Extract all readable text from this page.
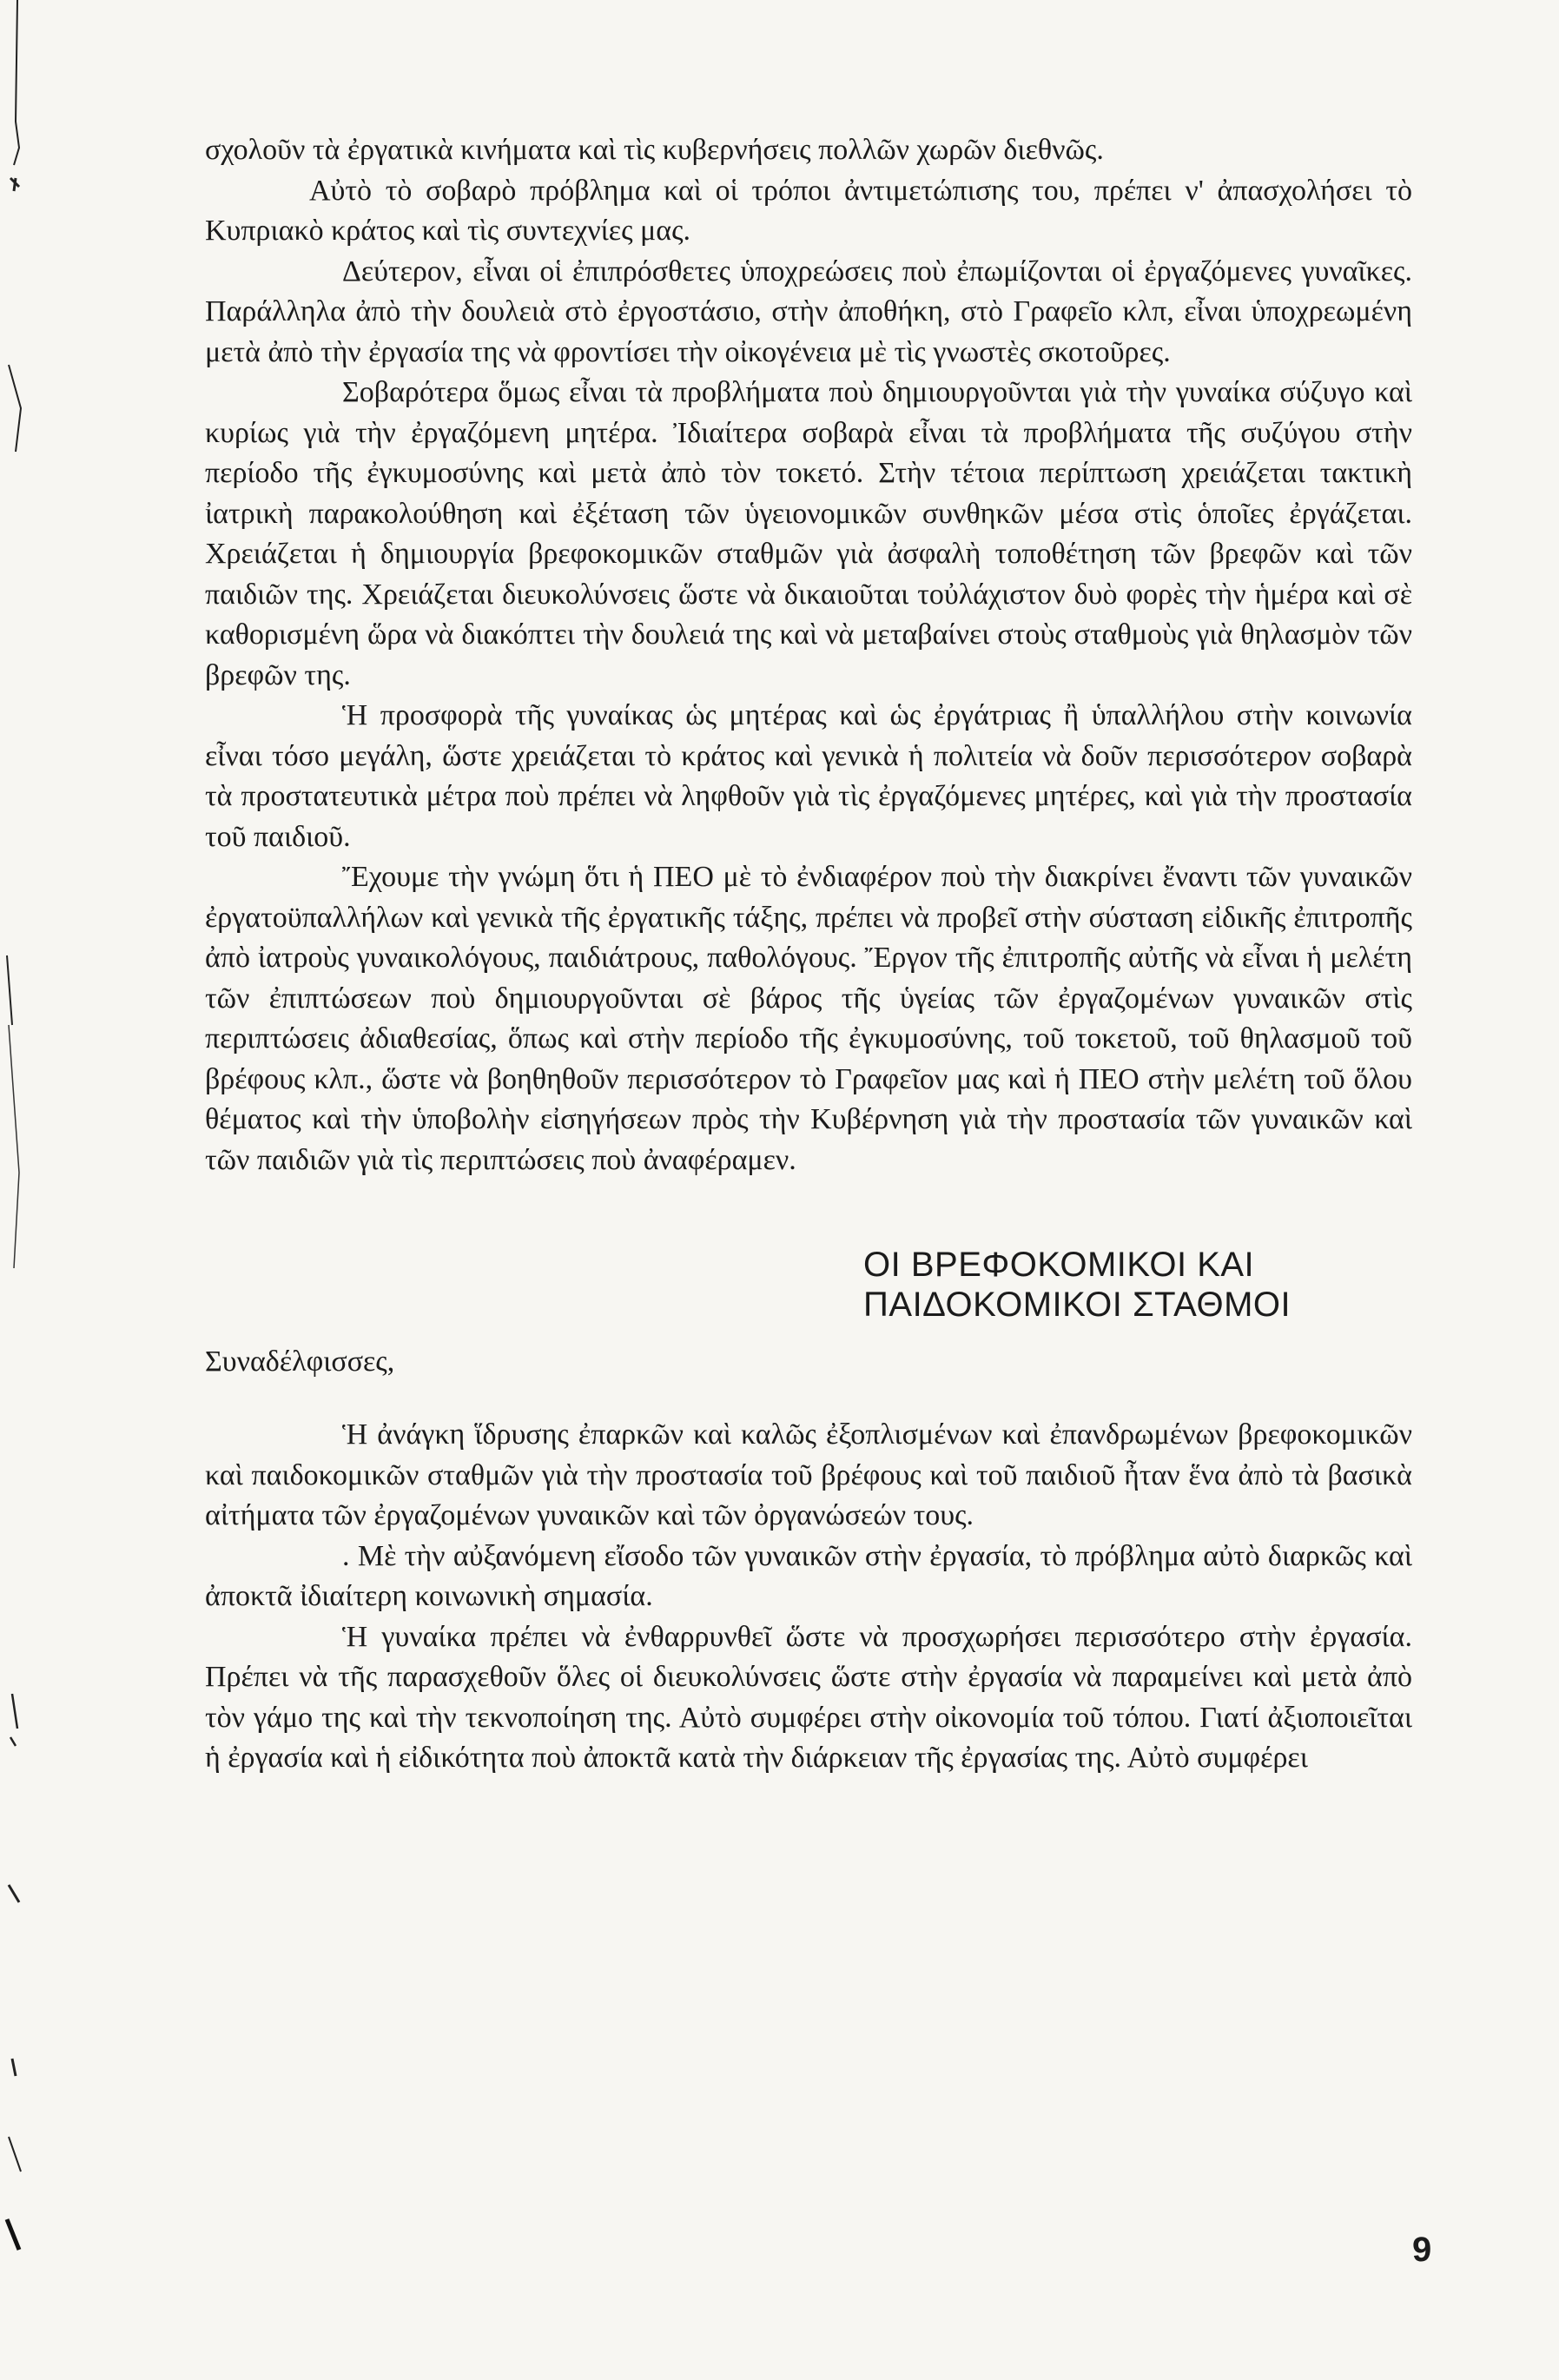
σχολοῦν τὰ ἐργατικὰ κινήματα καὶ τὶς κυβερνήσεις πολλῶν χωρῶν διεθνῶς.

Αὐτὸ τὸ σοβαρὸ πρόβλημα καὶ οἱ τρόποι ἀντιμετώπισης του, πρέπει ν' ἀπασχολήσει τὸ Κυπριακὸ κράτος καὶ τὶς συντεχνίες μας.

Δεύτερον, εἶναι οἱ ἐπιπρόσθετες ὑποχρεώσεις ποὺ ἐπωμίζονται οἱ ἐργαζόμενες γυναῖκες. Παράλληλα ἀπὸ τὴν δουλειὰ στὸ ἐργοστάσιο, στὴν ἀποθήκη, στὸ Γραφεῖο κλπ, εἶναι ὑποχρεωμένη μετὰ ἀπὸ τὴν ἐργασία της νὰ φροντίσει τὴν οἰκογένεια μὲ τὶς γνωστὲς σκοτοῦρες.

Σοβαρότερα ὅμως εἶναι τὰ προβλήματα ποὺ δημιουργοῦνται γιὰ τὴν γυναίκα σύζυγο καὶ κυρίως γιὰ τὴν ἐργαζόμενη μητέρα. Ἰδιαίτερα σοβαρὰ εἶναι τὰ προβλήματα τῆς συζύγου στὴν περίοδο τῆς ἐγκυμοσύνης καὶ μετὰ ἀπὸ τὸν τοκετό. Στὴν τέτοια περίπτωση χρειάζεται τακτικὴ ἰατρικὴ παρακολούθηση καὶ ἐξέταση τῶν ὑγειονομικῶν συνθηκῶν μέσα στὶς ὁποῖες ἐργάζεται. Χρειάζεται ἡ δημιουργία βρεφοκομικῶν σταθμῶν γιὰ ἀσφαλὴ τοποθέτηση τῶν βρεφῶν καὶ τῶν παιδιῶν της. Χρειάζεται διευκολύνσεις ὥστε νὰ δικαιοῦται τοὐλάχιστον δυὸ φορὲς τὴν ἡμέρα καὶ σὲ καθορισμένη ὥρα νὰ διακόπτει τὴν δουλειά της καὶ νὰ μεταβαίνει στοὺς σταθμοὺς γιὰ θηλασμὸν τῶν βρεφῶν της.

Ἡ προσφορὰ τῆς γυναίκας ὡς μητέρας καὶ ὡς ἐργάτριας ἢ ὑπαλλήλου στὴν κοινωνία εἶναι τόσο μεγάλη, ὥστε χρειάζεται τὸ κράτος καὶ γενικὰ ἡ πολιτεία νὰ δοῦν περισσότερον σοβαρὰ τὰ προστατευτικὰ μέτρα ποὺ πρέπει νὰ ληφθοῦν γιὰ τὶς ἐργαζόμενες μητέρες, καὶ γιὰ τὴν προστασία τοῦ παιδιοῦ.

Ἔχουμε τὴν γνώμη ὅτι ἡ ΠΕΟ μὲ τὸ ἐνδιαφέρον ποὺ τὴν διακρίνει ἔναντι τῶν γυναικῶν ἐργατοϋπαλλήλων καὶ γενικὰ τῆς ἐργατικῆς τάξης, πρέπει νὰ προβεῖ στὴν σύσταση εἰδικῆς ἐπιτροπῆς ἀπὸ ἰατροὺς γυναικολόγους, παιδιάτρους, παθολόγους. Ἔργον τῆς ἐπιτροπῆς αὐτῆς νὰ εἶναι ἡ μελέτη τῶν ἐπιπτώσεων ποὺ δημιουργοῦνται σὲ βάρος τῆς ὑγείας τῶν ἐργαζομένων γυναικῶν στὶς περιπτώσεις ἀδιαθεσίας, ὅπως καὶ στὴν περίοδο τῆς ἐγκυμοσύνης, τοῦ τοκετοῦ, τοῦ θηλασμοῦ τοῦ βρέφους κλπ., ὥστε νὰ βοηθηθοῦν περισσότερον τὸ Γραφεῖον μας καὶ ἡ ΠΕΟ στὴν μελέτη τοῦ ὅλου θέματος καὶ τὴν ὑποβολὴν εἰσηγήσεων πρὸς τὴν Κυβέρνηση γιὰ τὴν προστασία τῶν γυναικῶν καὶ τῶν παιδιῶν γιὰ τὶς περιπτώσεις ποὺ ἀναφέραμεν.

ΟΙ ΒΡΕΦΟΚΟΜΙΚΟΙ ΚΑΙ
ΠΑΙΔΟΚΟΜΙΚΟΙ ΣΤΑΘΜΟΙ
Συναδέλφισσες,

Ἡ ἀνάγκη ἵδρυσης ἐπαρκῶν καὶ καλῶς ἐξοπλισμένων καὶ ἐπανδρωμένων βρεφοκομικῶν καὶ παιδοκομικῶν σταθμῶν γιὰ τὴν προστασία τοῦ βρέφους καὶ τοῦ παιδιοῦ ἦταν ἕνα ἀπὸ τὰ βασικὰ αἰτήματα τῶν ἐργαζομένων γυναικῶν καὶ τῶν ὀργανώσεών τους.

. Μὲ τὴν αὐξανόμενη εἴσοδο τῶν γυναικῶν στὴν ἐργασία, τὸ πρόβλημα αὐτὸ διαρκῶς καὶ ἀποκτᾶ ἰδιαίτερη κοινωνικὴ σημασία.

Ἡ γυναίκα πρέπει νὰ ἐνθαρρυνθεῖ ὥστε νὰ προσχωρήσει περισσότερο στὴν ἐργασία. Πρέπει νὰ τῆς παρασχεθοῦν ὅλες οἱ διευκολύνσεις ὥστε στὴν ἐργασία νὰ παραμείνει καὶ μετὰ ἀπὸ τὸν γάμο της καὶ τὴν τεκνοποίηση της. Αὐτὸ συμφέρει στὴν οἰκονομία τοῦ τόπου. Γιατί ἀξιοποιεῖται ἡ ἐργασία καὶ ἡ εἰδικότητα ποὺ ἀποκτᾶ κατὰ τὴν διάρκειαν τῆς ἐργασίας της. Αὐτὸ συμφέρει

9
